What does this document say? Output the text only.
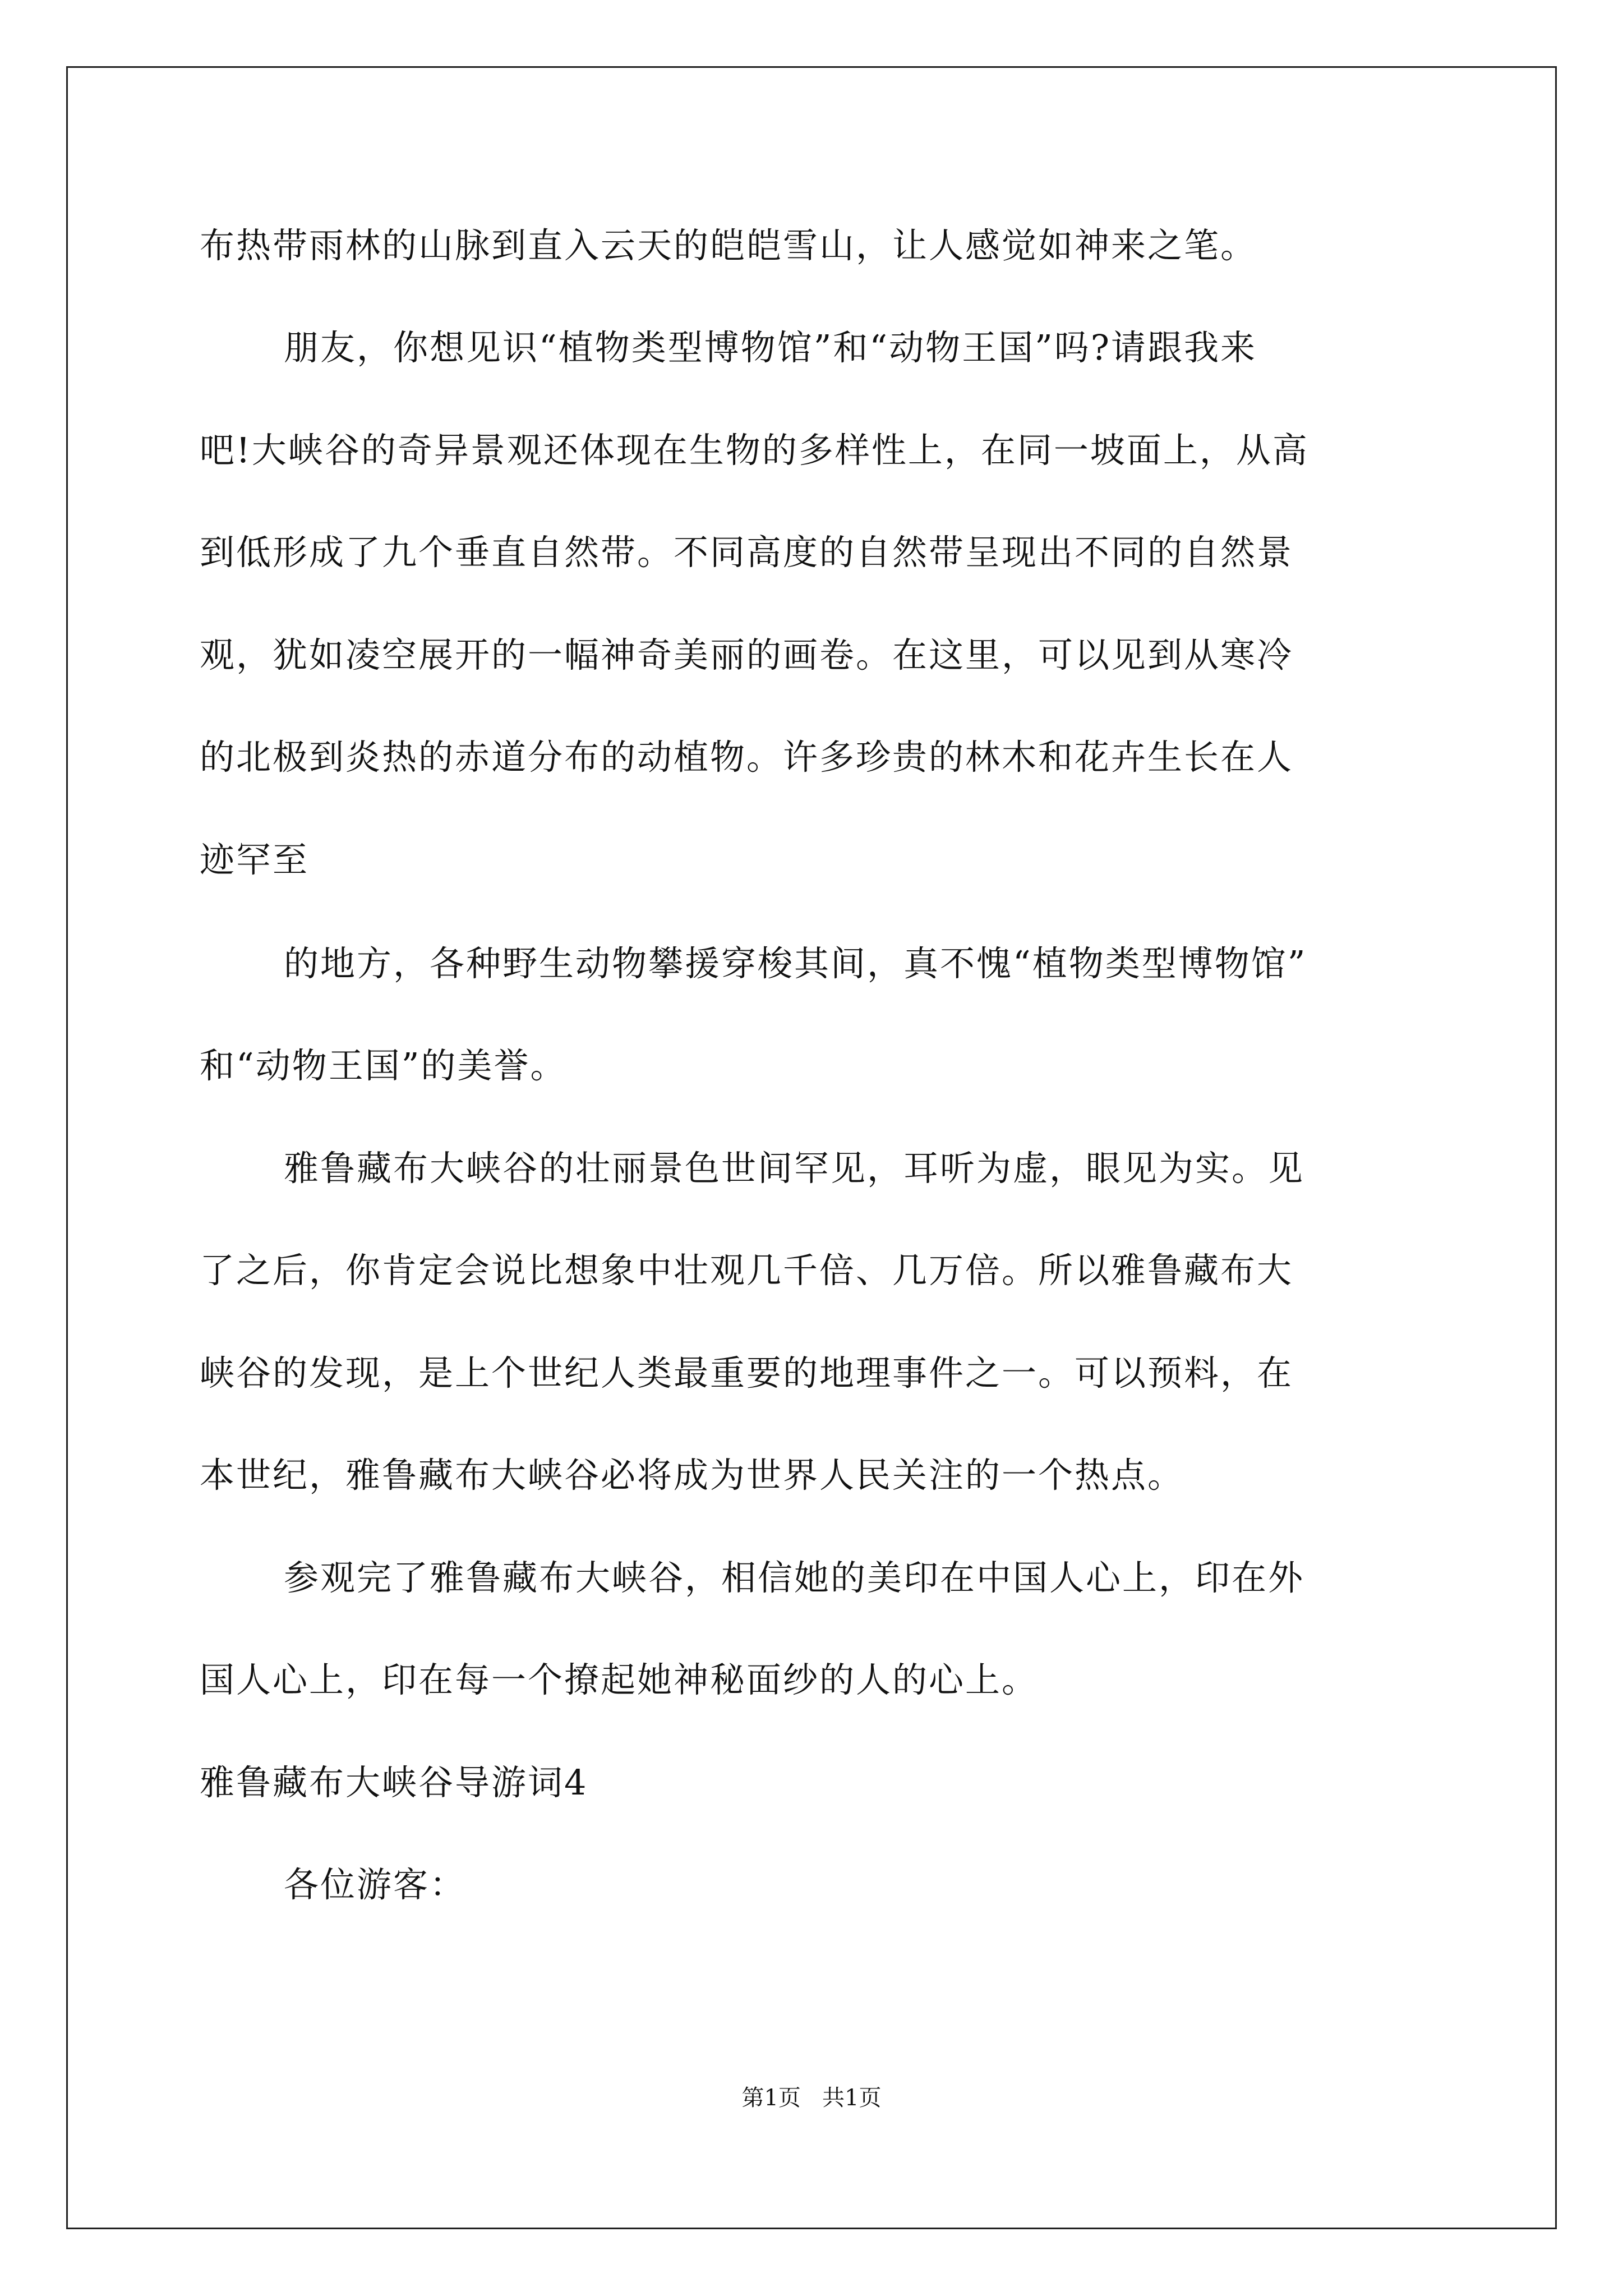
布热带雨林的山脉到直入云天的皑皑雪山，让人感觉如神来之笔。
朋友，你想见识“植物类型博物馆”和“动物王国”吗?请跟我来
吧!大峡谷的奇异景观还体现在生物的多样性上，在同一坡面上，从高
到低形成了九个垂直自然带。不同高度的自然带呈现出不同的自然景
观，犹如凌空展开的一幅神奇美丽的画卷。在这里，可以见到从寒冷
的北极到炎热的赤道分布的动植物。许多珍贵的林木和花卉生长在人
迹罕至
的地方，各种野生动物攀援穿梭其间，真不愧“植物类型博物馆”
和“动物王国”的美誉。
雅鲁藏布大峡谷的壮丽景色世间罕见，耳听为虚，眼见为实。见
了之后，你肯定会说比想象中壮观几千倍、几万倍。所以雅鲁藏布大
峡谷的发现，是上个世纪人类最重要的地理事件之一。可以预料，在
本世纪，雅鲁藏布大峡谷必将成为世界人民关注的一个热点。
参观完了雅鲁藏布大峡谷，相信她的美印在中国人心上，印在外
国人心上，印在每一个撩起她神秘面纱的人的心上。
雅鲁藏布大峡谷导游词4
各位游客：
第1页   共1页
